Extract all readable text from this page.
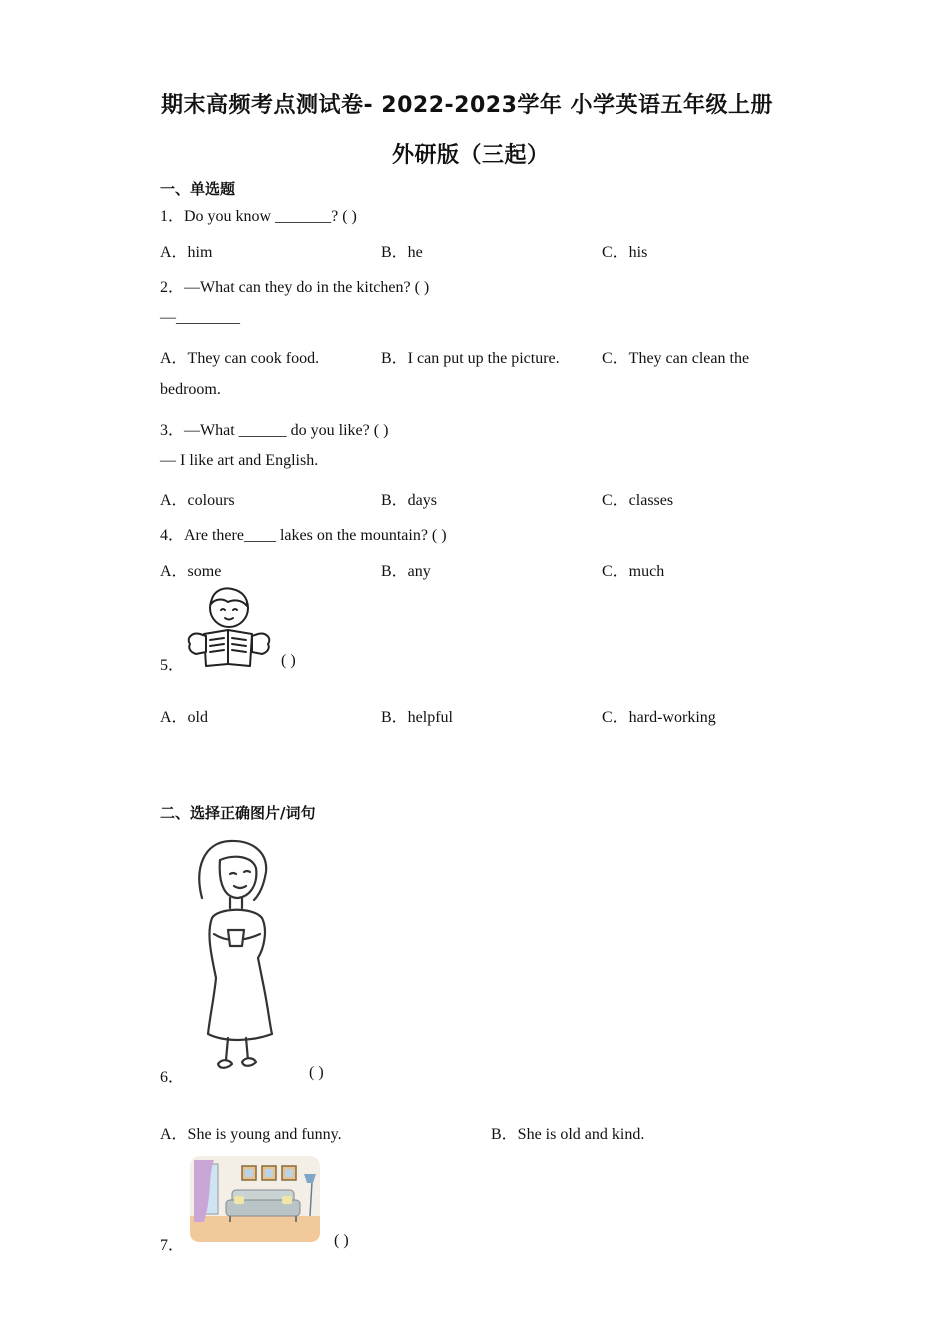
期末高频考点测试卷- 2022-2023学年 小学英语五年级上册
外研版（三起）
一、单选题
1．Do you know _______? ( )
A．him	B．he	C．his
2．—What can they do in the kitchen? ( )
—________
A．They can cook food.	B．I can put up the picture.	C．They can clean the
bedroom.
3．—What ______ do you like? ( )
— I like art and English.
A．colours	B．days	C．classes
4．Are there____ lakes on the mountain? ( )
A．some	B．any	C．much
5．	( )
A．old	B．helpful	C．hard-working
二、选择正确图片/词句
6．	( )
A．She is young and funny.	B．She is old and kind.
7．	( )
